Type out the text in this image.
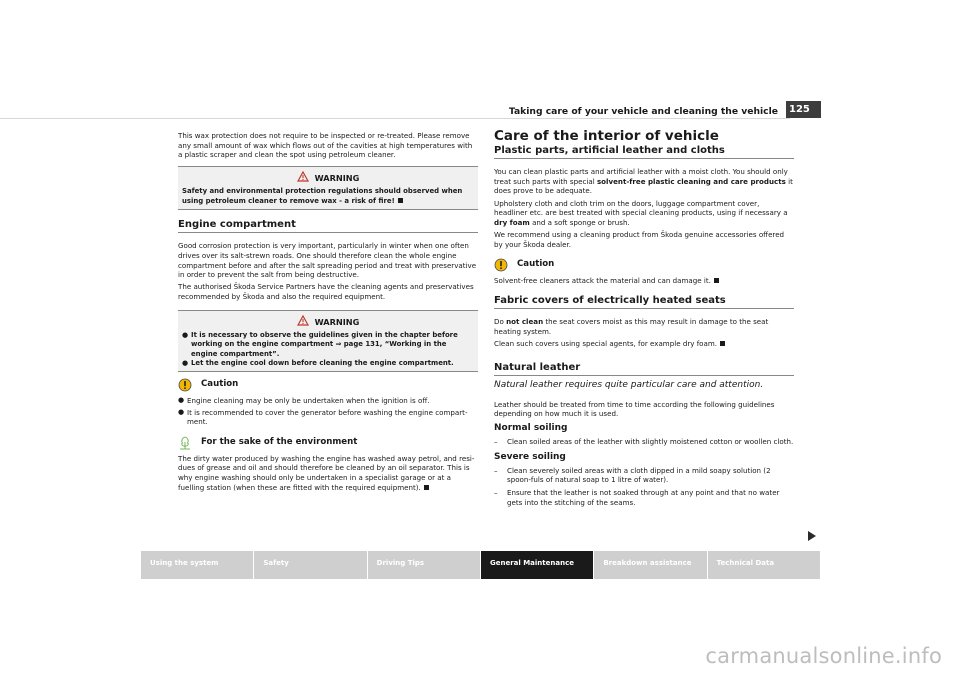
Taking care of your vehicle and cleaning the vehicle	125

This wax protection does not require to be inspected or re-treated. Please remove any small amount of wax which flows out of the cavities at high temperatures with a plastic scraper and clean the spot using petroleum cleaner.

WARNING
Safety and environmental protection regulations should observed when using petroleum cleaner to remove wax - a risk of fire!
Engine compartment

Good corrosion protection is very important, particularly in winter when one often drives over its salt-strewn roads. One should therefore clean the whole engine compartment before and after the salt spreading period and treat with preservative in order to prevent the salt from being destructive.

The authorised Škoda Service Partners have the cleaning agents and preservatives recommended by Škoda and also the required equipment.

WARNING
● It is necessary to observe the guidelines given in the chapter before working on the engine compartment ⇒ page 131, “Working in the engine compartment”.
● Let the engine cool down before cleaning the engine compartment.
Caution
● Engine cleaning may be only be undertaken when the ignition is off.
● It is recommended to cover the generator before washing the engine compart-ment.
For the sake of the environment

The dirty water produced by washing the engine has washed away petrol, and resi-dues of grease and oil and should therefore be cleaned by an oil separator. This is why engine washing should only be undertaken in a specialist garage or at a fuelling station (when these are fitted with the required equipment).

Care of the interior of vehicle
Plastic parts, artificial leather and cloths

You can clean plastic parts and artificial leather with a moist cloth. You should only treat such parts with special solvent-free plastic cleaning and care products it does prove to be adequate.

Upholstery cloth and cloth trim on the doors, luggage compartment cover, headliner etc. are best treated with special cleaning products, using if necessary a dry foam and a soft sponge or brush.

We recommend using a cleaning product from Škoda genuine accessories offered by your Škoda dealer.

Caution

Solvent-free cleaners attack the material and can damage it.

Fabric covers of electrically heated seats

Do not clean the seat covers moist as this may result in damage to the seat heating system.

Clean such covers using special agents, for example dry foam.

Natural leather
Natural leather requires quite particular care and attention.

Leather should be treated from time to time according the following guidelines depending on how much it is used.

Normal soiling
–	Clean soiled areas of the leather with slightly moistened cotton or woollen cloth.
Severe soiling
–	Clean severely soiled areas with a cloth dipped in a mild soapy solution (2 spoon-fuls of natural soap to 1 litre of water).
–	Ensure that the leather is not soaked through at any point and that no water gets into the stitching of the seams.
Using the system	Safety	Driving Tips	General Maintenance	Breakdown assistance	Technical Data
carmanualsonline.info
